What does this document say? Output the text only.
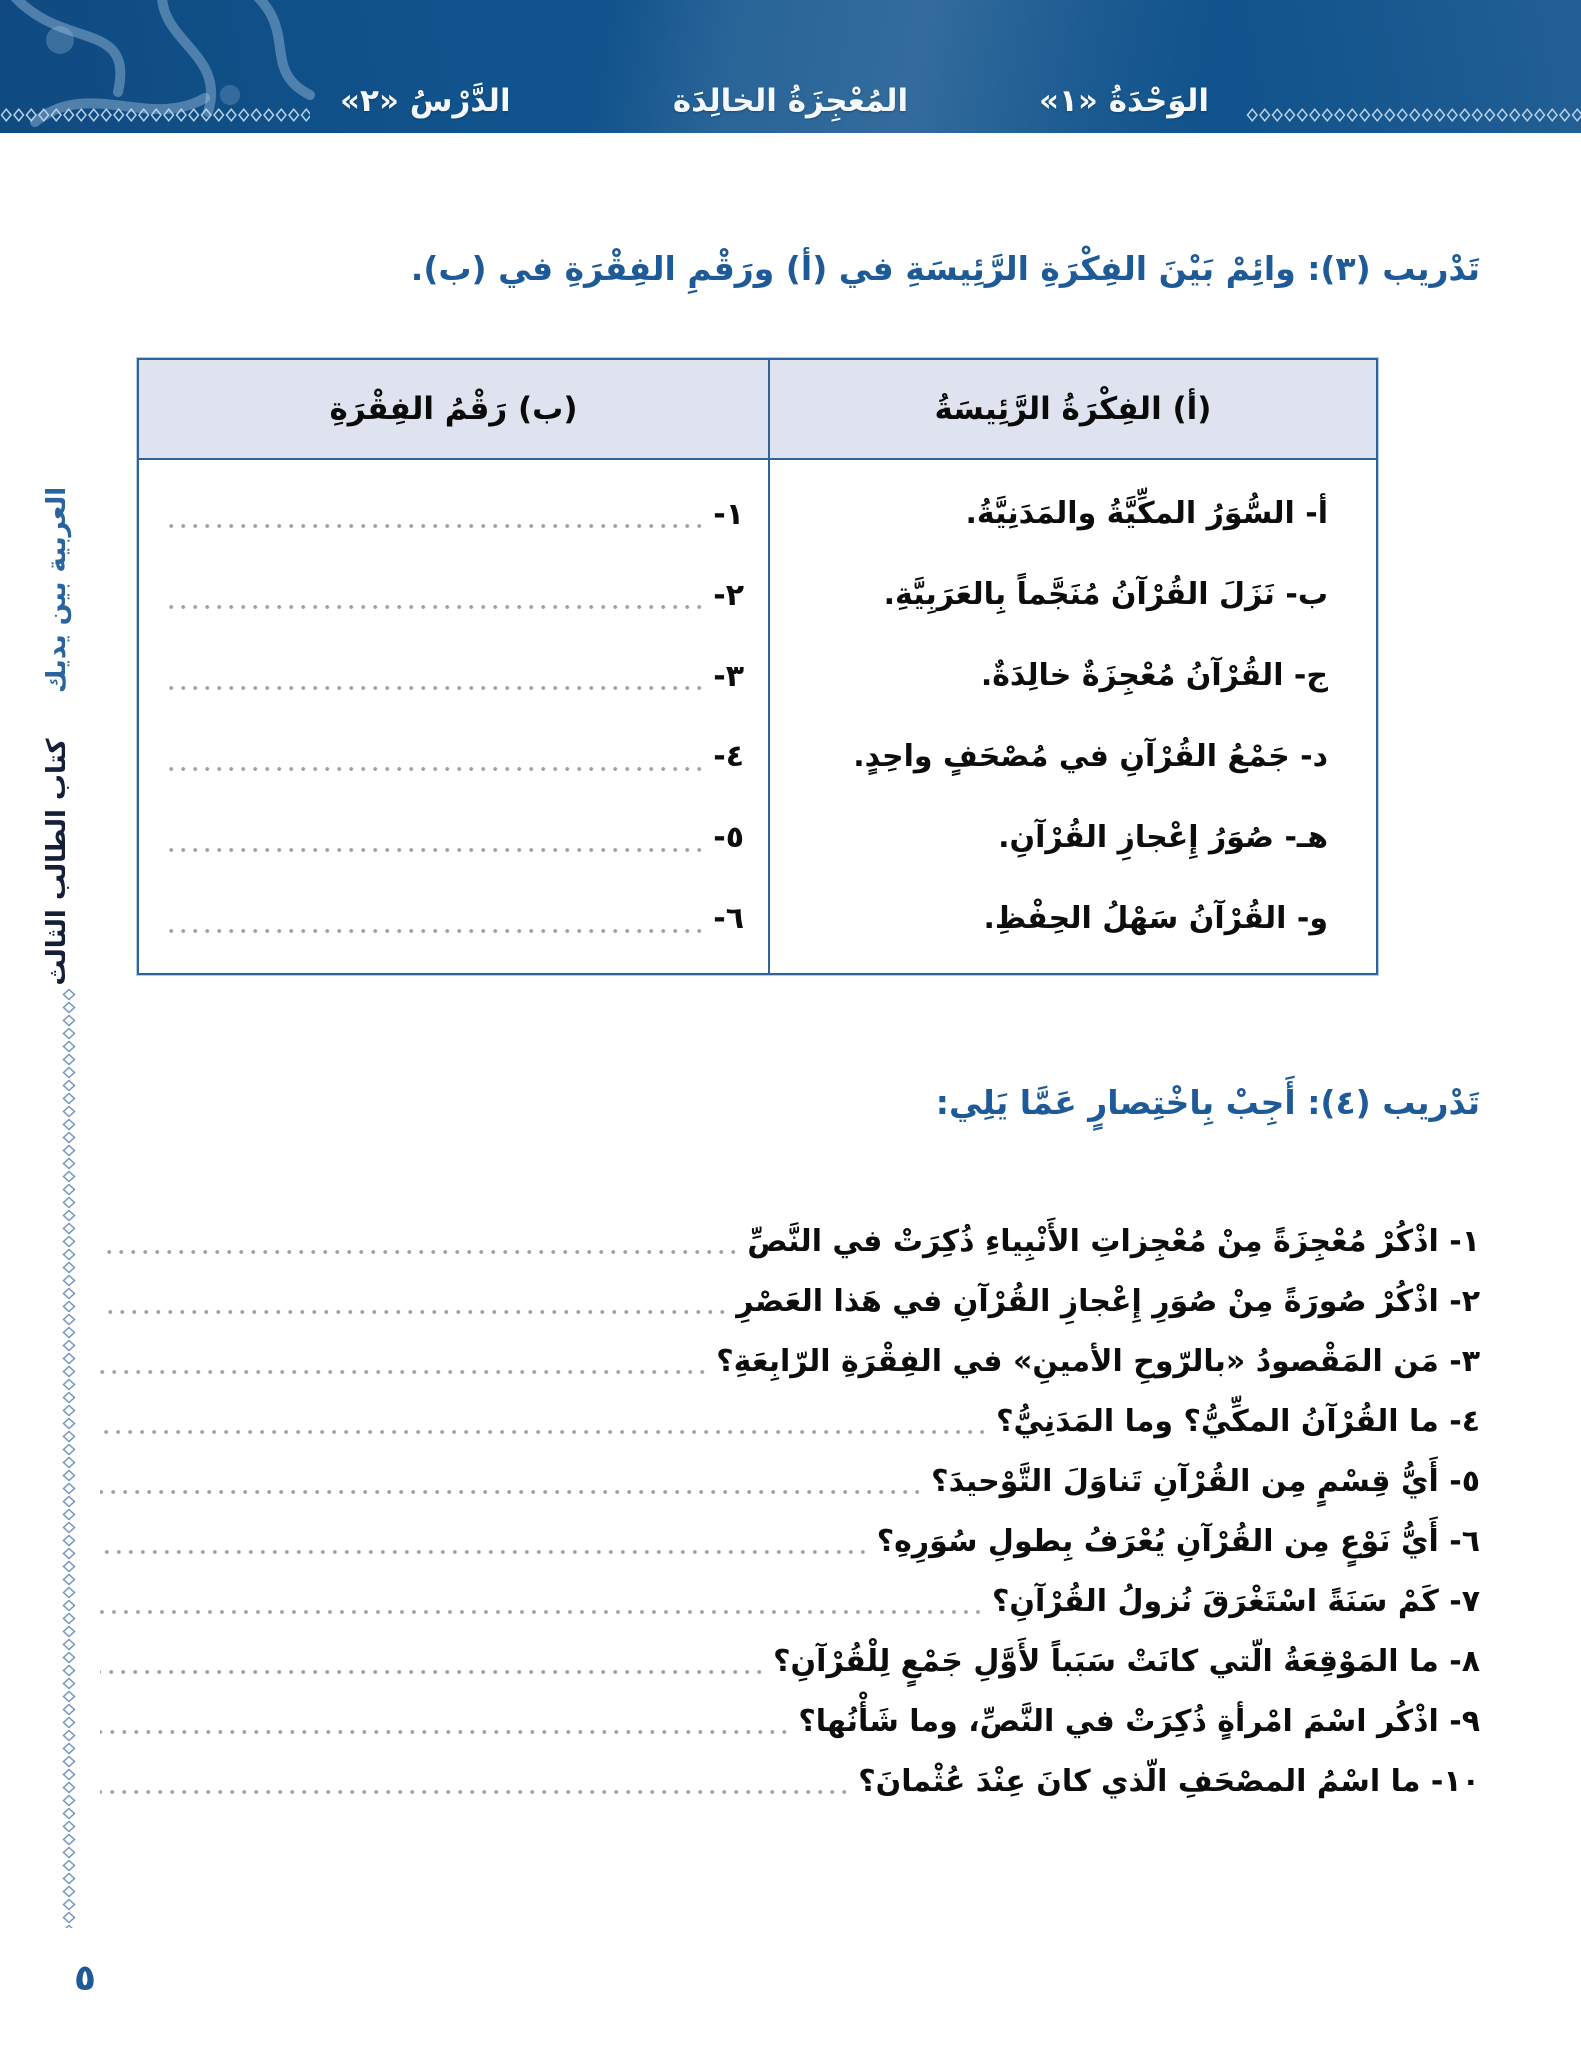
الوَحْدَةُ «١»
المُعْجِزَةُ الخالِدَة
الدَّرْسُ «٢»
تَدْريب (٣): وائِمْ بَيْنَ الفِكْرَةِ الرَّئِيسَةِ في (أ) ورَقْمِ الفِقْرَةِ في (ب).
(أ) الفِكْرَةُ الرَّئِيسَةُ
(ب) رَقْمُ الفِقْرَةِ
أ- السُّوَرُ المكِّيَّةُ والمَدَنِيَّةُ.
ب- نَزَلَ القُرْآنُ مُنَجَّماً بِالعَرَبِيَّةِ.
ج- القُرْآنُ مُعْجِزَةٌ خالِدَةٌ.
د- جَمْعُ القُرْآنِ في مُصْحَفٍ واحِدٍ.
هـ- صُوَرُ إِعْجازِ القُرْآنِ.
و- القُرْآنُ سَهْلُ الحِفْظِ.
١-
٢-
٣-
٤-
٥-
٦-
تَدْريب (٤): أَجِبْ بِاخْتِصارٍ عَمَّا يَلِي:
١- اذْكُرْ مُعْجِزَةً مِنْ مُعْجِزاتِ الأَنْبِياءِ ذُكِرَتْ في النَّصِّ
٢- اذْكُرْ صُورَةً مِنْ صُوَرِ إِعْجازِ القُرْآنِ في هَذا العَصْرِ
٣- مَن المَقْصودُ «بالرّوحِ الأمينِ» في الفِقْرَةِ الرّابِعَةِ؟
٤- ما القُرْآنُ المكِّيُّ؟ وما المَدَنِيُّ؟
٥- أَيُّ قِسْمٍ مِن القُرْآنِ تَناوَلَ التَّوْحيدَ؟
٦- أَيُّ نَوْعٍ مِن القُرْآنِ يُعْرَفُ بِطولِ سُوَرِهِ؟
٧- كَمْ سَنَةً اسْتَغْرَقَ نُزولُ القُرْآنِ؟
٨- ما المَوْقِعَةُ الّتي كانَتْ سَبَباً لأَوَّلِ جَمْعٍ لِلْقُرْآنِ؟
٩- اذْكُر اسْمَ امْرأةٍ ذُكِرَتْ في النَّصِّ، وما شَأْنُها؟
١٠- ما اسْمُ المصْحَفِ الّذي كانَ عِنْدَ عُثْمانَ؟
العربية بين يديك
كتاب الطالب الثالث
٥
